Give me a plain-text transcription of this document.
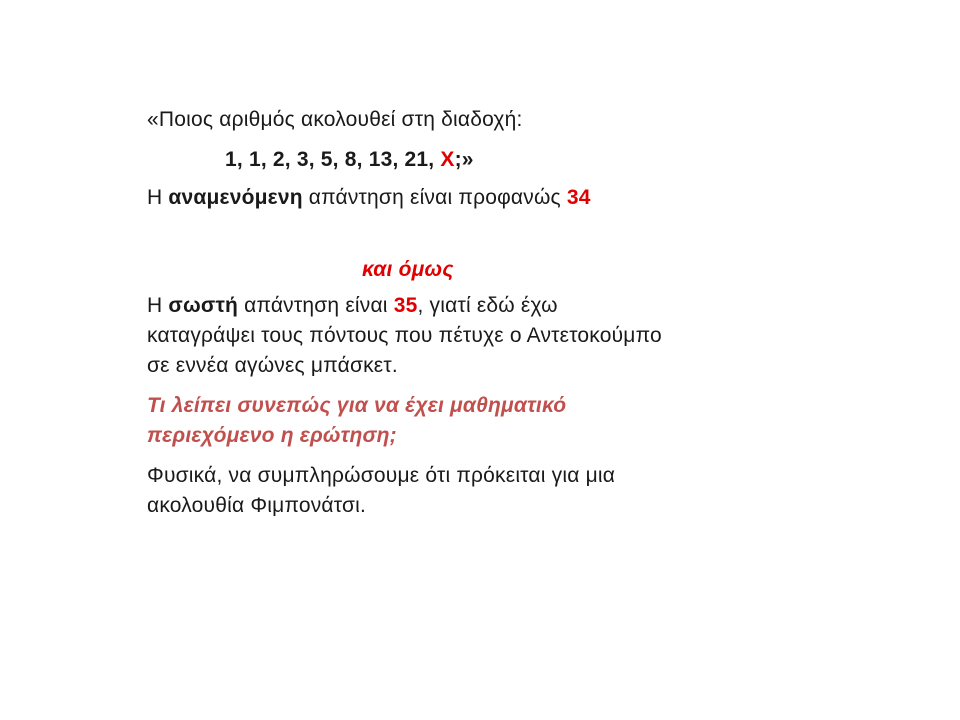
«Ποιος αριθμός ακολουθεί στη διαδοχή:

1, 1, 2, 3, 5, 8, 13, 21, X;»

Η αναμενόμενη απάντηση είναι προφανώς 34

και όμως

Η σωστή απάντηση είναι 35, γιατί εδώ έχω
καταγράψει τους πόντους που πέτυχε ο Αντετοκούμπο
σε εννέα αγώνες μπάσκετ.

Τι λείπει συνεπώς για να έχει μαθηματικό
περιεχόμενο η ερώτηση;

Φυσικά, να συμπληρώσουμε ότι πρόκειται για μια
ακολουθία Φιμπονάτσι.
